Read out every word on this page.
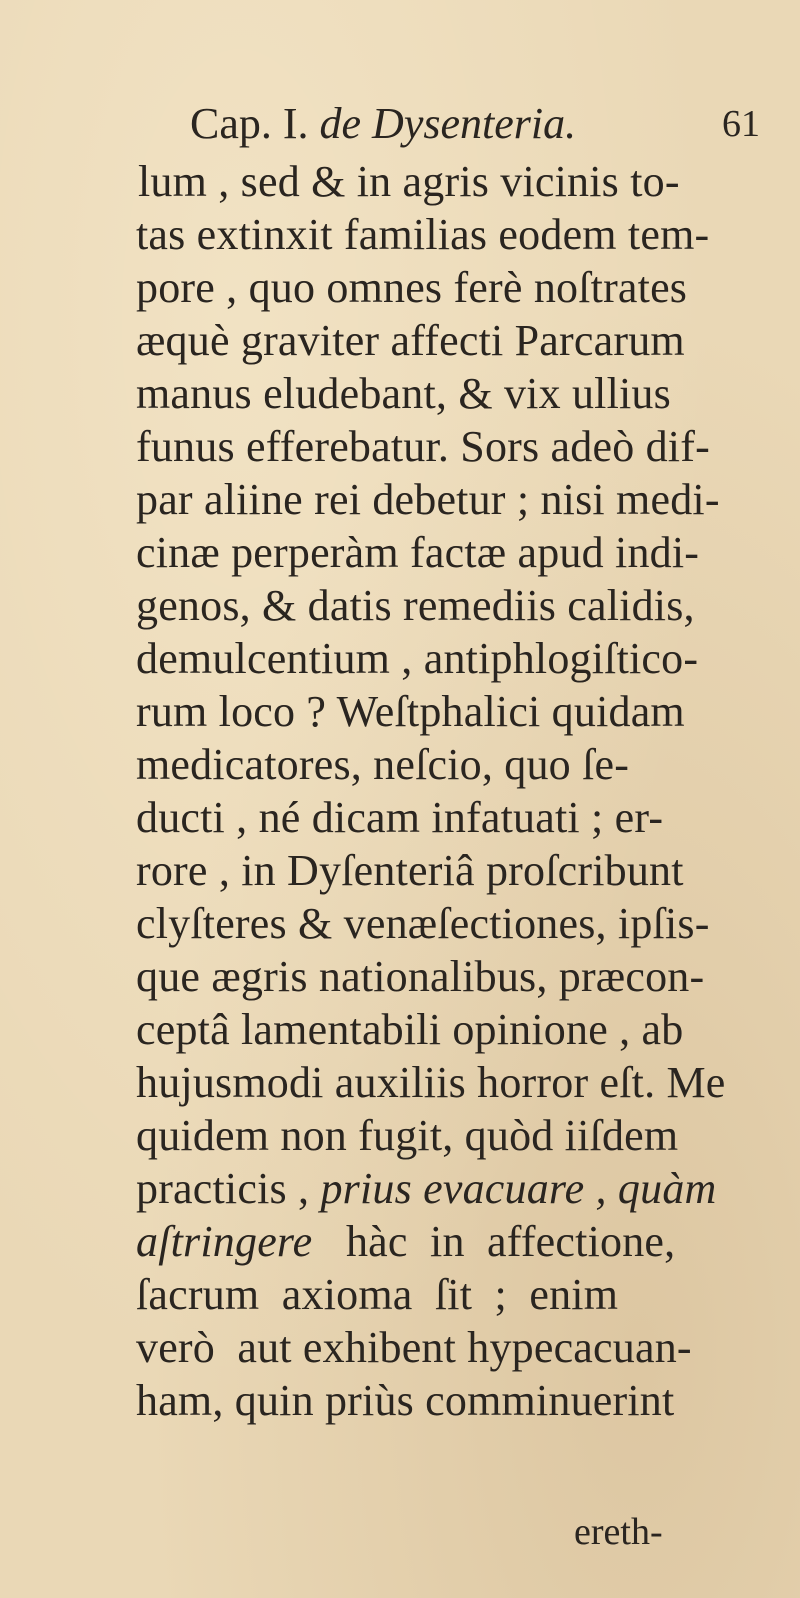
Cap. I. de Dysenteria.	61
lum , sed & in agris vicinis to-
tas extinxit familias eodem tem-
pore , quo omnes ferè noſtrates
æquè graviter affecti Parcarum
manus eludebant, & vix ullius
funus efferebatur. Sors adeò dif-
par aliine rei debetur ; nisi medi-
cinæ perperàm factæ apud indi-
genos, & datis remediis calidis,
demulcentium , antiphlogiſtico-
rum loco ? Weſtphalici quidam
medicatores, neſcio, quo ſe-
ducti , né dicam infatuati ; er-
rore , in Dyſenteriâ proſcribunt
clyſteres & venæſectiones, ipſis-
que ægris nationalibus, præcon-
ceptâ lamentabili opinione , ab
hujusmodi auxiliis horror eſt. Me
quidem non fugit, quòd iiſdem
practicis , prius evacuare , quàm
aſtringere   hàc  in  affectione,
ſacrum  axioma  ſit  ;  enim
verò  aut exhibent hypecacuan-
ham, quin priùs comminuerint
ereth-
